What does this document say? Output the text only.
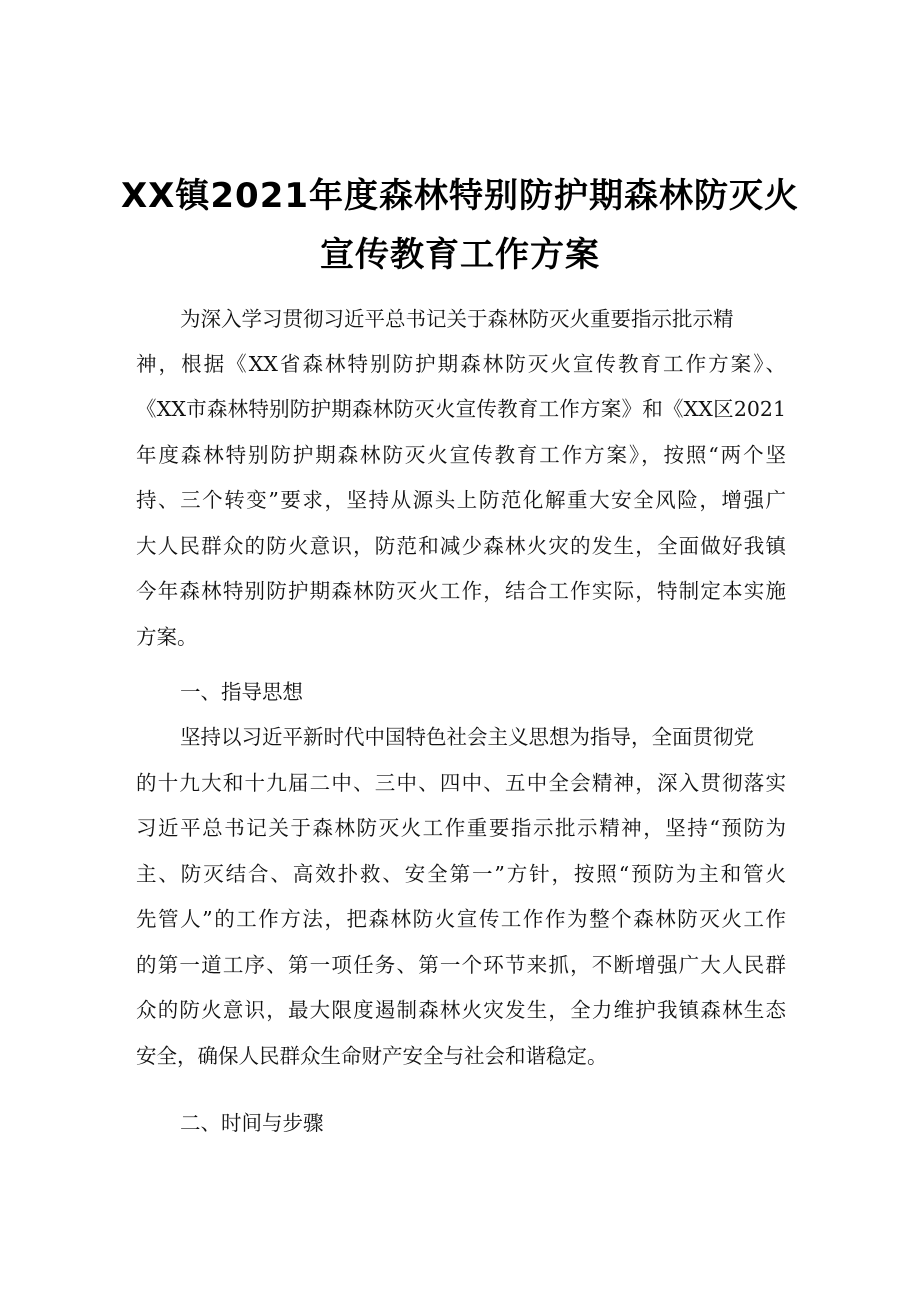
XX镇2021年度森林特别防护期森林防灭火
宣传教育工作方案
为深入学习贯彻习近平总书记关于森林防灭火重要指示批示精
神，根据《XX省森林特别防护期森林防灭火宣传教育工作方案》、
《XX市森林特别防护期森林防灭火宣传教育工作方案》和《XX区2021
年度森林特别防护期森林防灭火宣传教育工作方案》，按照“两个坚
持、三个转变”要求，坚持从源头上防范化解重大安全风险，增强广
大人民群众的防火意识，防范和减少森林火灾的发生，全面做好我镇
今年森林特别防护期森林防灭火工作，结合工作实际，特制定本实施
方案。
一、指导思想
坚持以习近平新时代中国特色社会主义思想为指导，全面贯彻党
的十九大和十九届二中、三中、四中、五中全会精神，深入贯彻落实
习近平总书记关于森林防灭火工作重要指示批示精神，坚持“预防为
主、防灭结合、高效扑救、安全第一”方针，按照“预防为主和管火
先管人”的工作方法，把森林防火宣传工作作为整个森林防灭火工作
的第一道工序、第一项任务、第一个环节来抓，不断增强广大人民群
众的防火意识，最大限度遏制森林火灾发生，全力维护我镇森林生态
安全，确保人民群众生命财产安全与社会和谐稳定。
二、时间与步骤
